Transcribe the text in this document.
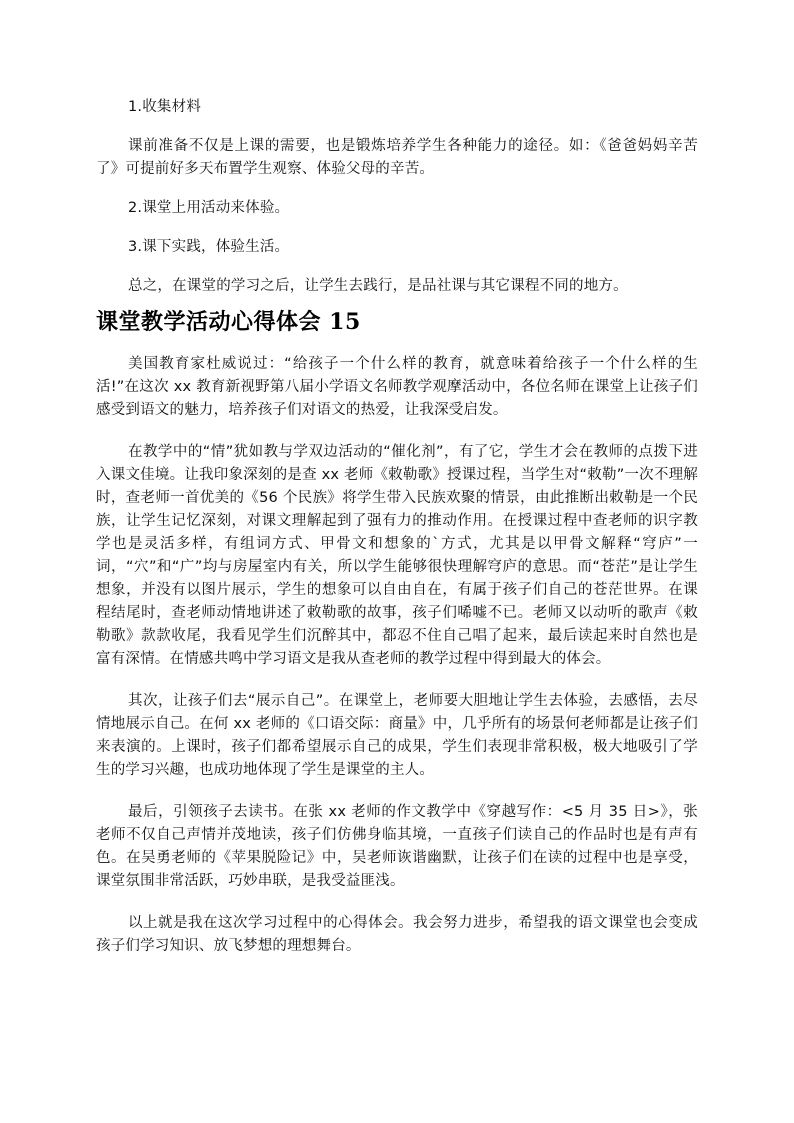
1.收集材料

课前准备不仅是上课的需要，也是锻炼培养学生各种能力的途径。如：《爸爸妈妈辛苦了》可提前好多天布置学生观察、体验父母的辛苦。

2.课堂上用活动来体验。

3.课下实践，体验生活。

总之，在课堂的学习之后，让学生去践行，是品社课与其它课程不同的地方。

课堂教学活动心得体会 15

美国教育家杜威说过：“给孩子一个什么样的教育，就意味着给孩子一个什么样的生活!”在这次 xx 教育新视野第八届小学语文名师教学观摩活动中，各位名师在课堂上让孩子们感受到语文的魅力，培养孩子们对语文的热爱，让我深受启发。

在教学中的“情”犹如教与学双边活动的“催化剂”，有了它，学生才会在教师的点拨下进入课文佳境。让我印象深刻的是查 xx 老师《敕勒歌》授课过程，当学生对“敕勒”一次不理解时，查老师一首优美的《56 个民族》将学生带入民族欢聚的情景，由此推断出敕勒是一个民族，让学生记忆深刻，对课文理解起到了强有力的推动作用。在授课过程中查老师的识字教学也是灵活多样，有组词方式、甲骨文和想象的`方式，尤其是以甲骨文解释“穹庐”一词，“穴”和“广”均与房屋室内有关，所以学生能够很快理解穹庐的意思。而“苍茫”是让学生想象，并没有以图片展示，学生的想象可以自由自在，有属于孩子们自己的苍茫世界。在课程结尾时，查老师动情地讲述了敕勒歌的故事，孩子们唏嘘不已。老师又以动听的歌声《敕勒歌》款款收尾，我看见学生们沉醉其中，都忍不住自己唱了起来，最后读起来时自然也是富有深情。在情感共鸣中学习语文是我从查老师的教学过程中得到最大的体会。

其次，让孩子们去“展示自己”。在课堂上，老师要大胆地让学生去体验，去感悟，去尽情地展示自己。在何 xx 老师的《口语交际：商量》中，几乎所有的场景何老师都是让孩子们来表演的。上课时，孩子们都希望展示自己的成果，学生们表现非常积极，极大地吸引了学生的学习兴趣，也成功地体现了学生是课堂的主人。

最后，引领孩子去读书。在张 xx 老师的作文教学中《穿越写作：<5 月 35 日>》，张老师不仅自己声情并茂地读，孩子们仿佛身临其境，一直孩子们读自己的作品时也是有声有色。在吴勇老师的《苹果脱险记》中，吴老师诙谐幽默，让孩子们在读的过程中也是享受，课堂氛围非常活跃，巧妙串联，是我受益匪浅。

以上就是我在这次学习过程中的心得体会。我会努力进步，希望我的语文课堂也会变成孩子们学习知识、放飞梦想的理想舞台。
